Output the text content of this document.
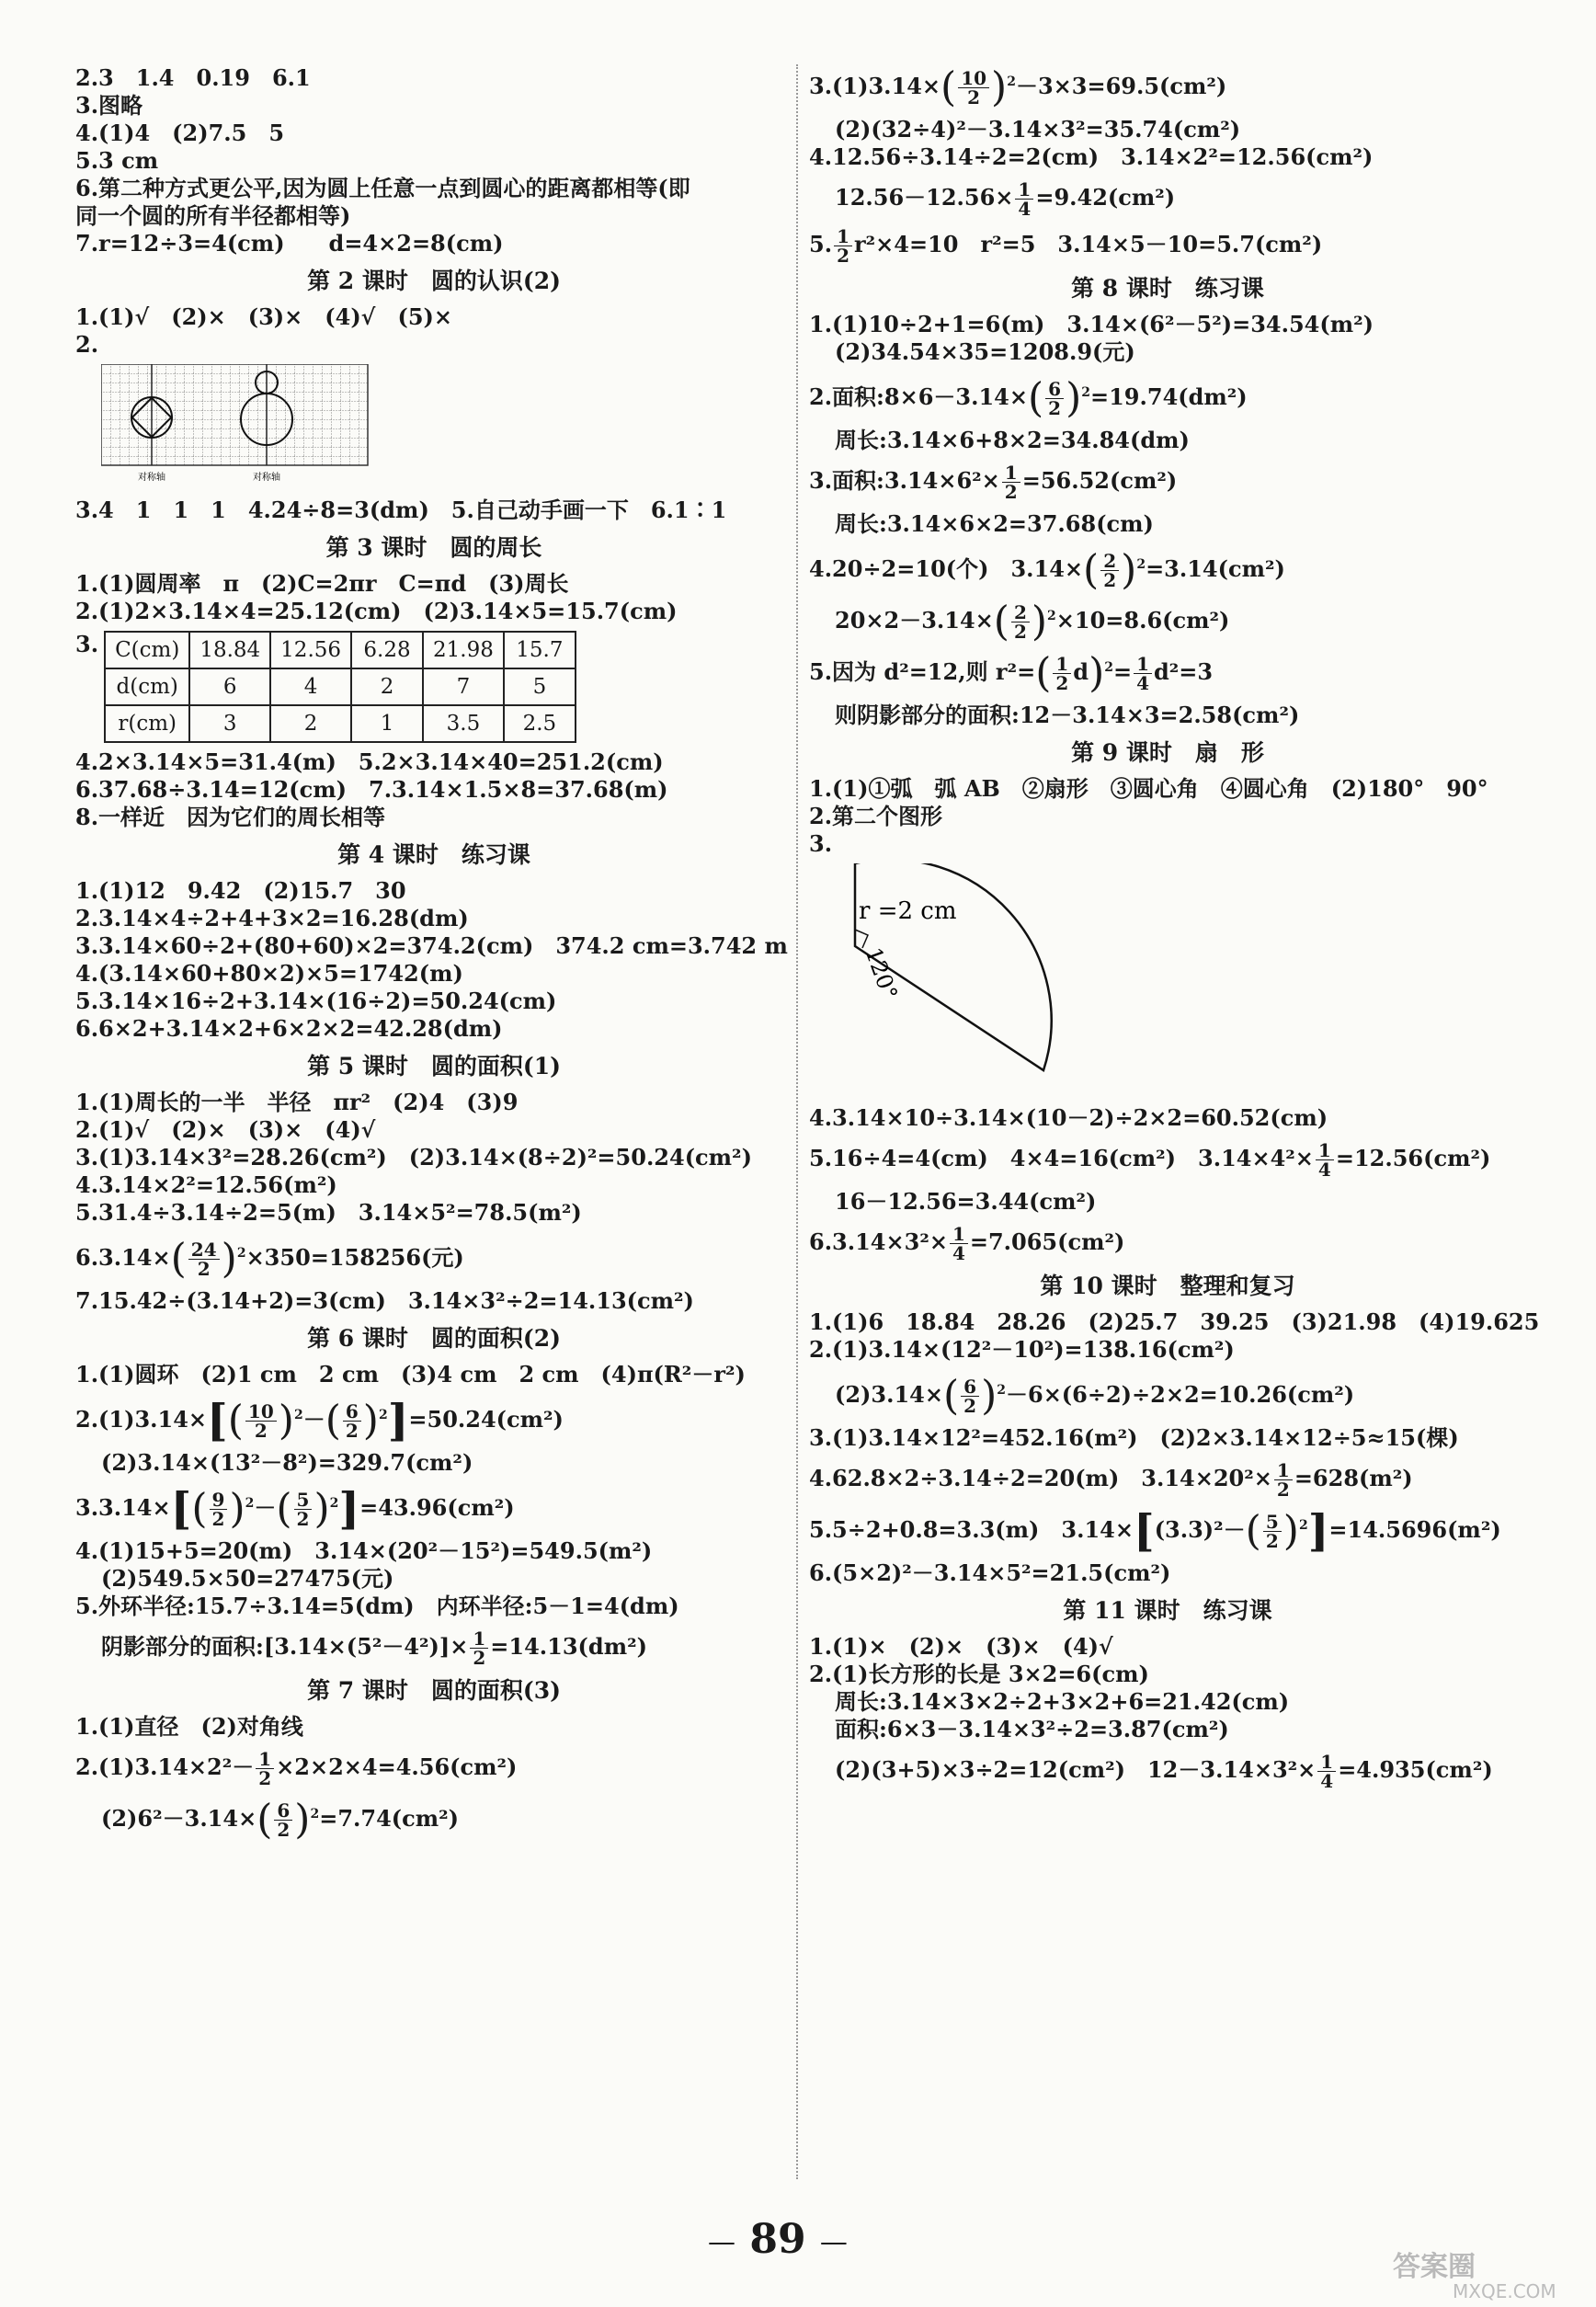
2.3　1.4　0.19　6.1

3.图略

4.(1)4　(2)7.5　5

5.3 cm

6.第二种方式更公平,因为圆上任意一点到圆心的距离都相等(即

同一个圆的所有半径都相等)

7.r=12÷3=4(cm)　　d=4×2=8(cm)

第 2 课时　圆的认识(2)

1.(1)√　(2)×　(3)×　(4)√　(5)×

2.

对称轴	对称轴

3.4　1　1　1　4.24÷8=3(dm)　5.自己动手画一下　6.1∶1

第 3 课时　圆的周长

1.(1)圆周率　π　(2)C=2πr　C=πd　(3)周长

2.(1)2×3.14×4=25.12(cm)　(2)3.14×5=15.7(cm)

3. C(cm)	18.84	12.56	6.28	21.98	15.7
d(cm)	6	4	2	7	5
r(cm)	3	2	1	3.5	2.5

4.2×3.14×5=31.4(m)　5.2×3.14×40=251.2(cm)

6.37.68÷3.14=12(cm)　7.3.14×1.5×8=37.68(m)

8.一样近　因为它们的周长相等

第 4 课时　练习课

1.(1)12　9.42　(2)15.7　30

2.3.14×4÷2+4+3×2=16.28(dm)

3.3.14×60÷2+(80+60)×2=374.2(cm)　374.2 cm=3.742 m

4.(3.14×60+80×2)×5=1742(m)

5.3.14×16÷2+3.14×(16÷2)=50.24(cm)

6.6×2+3.14×2+6×2×2=42.28(dm)

第 5 课时　圆的面积(1)

1.(1)周长的一半　半径　πr²　(2)4　(3)9

2.(1)√　(2)×　(3)×　(4)√

3.(1)3.14×3²=28.26(cm²)　(2)3.14×(8÷2)²=50.24(cm²)

4.3.14×2²=12.56(m²)

5.31.4÷3.14÷2=5(m)　3.14×5²=78.5(m²)

$6.3.14\times( \frac{24}{2} )^2\times 350=158256$(元)

7.15.42÷(3.14+2)=3(cm)　3.14×3²÷2=14.13(cm²)

第 6 课时　圆的面积(2)

1.(1)圆环　(2)1 cm　2 cm　(3)4 cm　2 cm　(4)π(R²－r²)

$2.(1)3.14\times[( \frac{10}{2} )^2-( \frac{6}{2} )^2]=50.24(cm^2)$

(2)3.14×(13²－8²)=329.7(cm²)

$3.3.14\times[( \frac{9}{2} )^2-( \frac{5}{2} )^2]=43.96(cm^2)$

4.(1)15+5=20(m)　3.14×(20²－15²)=549.5(m²)

(2)549.5×50=27475(元)

5.外环半径:15.7÷3.14=5(dm)　内环半径:5－1=4(dm)

阴影部分的面积:[3.14×(5²－4²)]× $\frac{1}{2} =14.13(dm^2)$

第 7 课时　圆的面积(3)

1.(1)直径　(2)对角线

$2.(1)3.14\times 2^2- \frac{1}{2} \times 2\times 2\times 4=4.56(cm^2)$

$(2)6^2-3.14\times( \frac{6}{2} )^2=7.74(cm^2)$

$3.(1)3.14\times( \frac{10}{2} )^2-3\times 3=69.5(cm^2)$

(2)(32÷4)²－3.14×3²=35.74(cm²)

4.12.56÷3.14÷2=2(cm)　3.14×2²=12.56(cm²)

$12.56-12.56\times \frac{1}{4} =9.42(cm^2)$

5. $\frac{1}{2} r^2\times 4=10$　r²=5　3.14×5－10=5.7(cm²)

第 8 课时　练习课

1.(1)10÷2+1=6(m)　3.14×(6²－5²)=34.54(m²)

(2)34.54×35=1208.9(元)

2.面积:8×6－3.14×( $\frac{6}{2} )^2=19.74(dm^2)$

周长:3.14×6+8×2=34.84(dm)

3.面积:3.14×6²× $\frac{1}{2} =56.52(cm^2)$

周长:3.14×6×2=37.68(cm)

4.20÷2=10(个)　$3.14\times( \frac{2}{2} )^2=3.14(cm^2)$

$20\times 2-3.14\times( \frac{2}{2} )^2\times 10=8.6(cm^2)$

5.因为 d²=12,则 $r^2=( \frac{1}{2} d)^2= \frac{1}{4} d^2=3$

则阴影部分的面积:12－3.14×3=2.58(cm²)

第 9 课时　扇　形

1.(1)①弧　弧 AB　②扇形　③圆心角　④圆心角　(2)180°　90°

2.第二个图形

3.

r =2 cm
120°

4.3.14×10÷3.14×(10－2)÷2×2=60.52(cm)

5.16÷4=4(cm)　4×4=16(cm²)　$3.14\times 4^2\times \frac{1}{4} =12.56(cm^2)$

16－12.56=3.44(cm²)

$6.3.14\times 3^2\times \frac{1}{4} =7.065(cm^2)$

第 10 课时　整理和复习

1.(1)6　18.84　28.26　(2)25.7　39.25　(3)21.98　(4)19.625

2.(1)3.14×(12²－10²)=138.16(cm²)

$(2)3.14\times( \frac{6}{2} )^2-6\times(6\div 2)\div 2\times 2=10.26(cm^2)$

3.(1)3.14×12²=452.16(m²)　(2)2×3.14×12÷5≈15(棵)

4.62.8×2÷3.14÷2=20(m)　$3.14\times 20^2\times \frac{1}{2} =628(m^2)$

5.5÷2+0.8=3.3(m)　$3.14\times[(3.3)^2-( \frac{5}{2} )^2]=14.5696(m^2)$

6.(5×2)²－3.14×5²=21.5(cm²)

第 11 课时　练习课

1.(1)×　(2)×　(3)×　(4)√

2.(1)长方形的长是 3×2=6(cm)

周长:3.14×3×2÷2+3×2+6=21.42(cm)

面积:6×3－3.14×3²÷2=3.87(cm²)

(2)(3+5)×3÷2=12(cm²)　$12-3.14\times 3^2\times \frac{1}{4} =4.935(cm^2)$

— 89 —
答案圈
MXQE.COM
